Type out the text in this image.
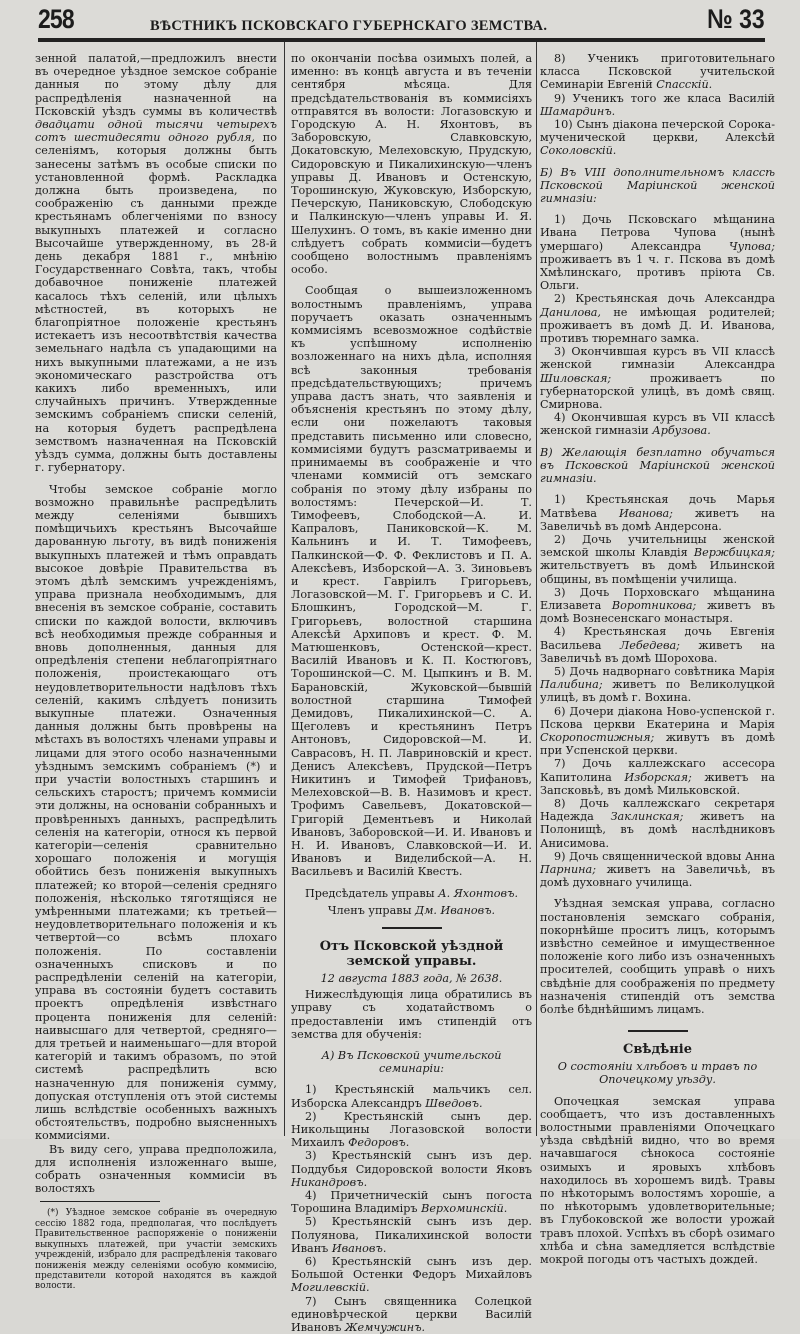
258	ВѢСТНИКЪ ПСКОВСКАГО ГУБЕРНСКАГО ЗЕМСТВА.	№ 33

зенной палатой,—предложилъ внести въ очередное уѣздное земское собраніе данныя по этому дѣлу для распредѣленія назначенной на Псковскій уѣздъ суммы въ количествѣ двадцати одной тысячи четырехъ сотъ шестидесяти одного рубля, по селеніямъ, которыя должны быть занесены затѣмъ въ особые списки по установленной формѣ. Раскладка должна быть произведена, по соображенію съ данными прежде крестьянамъ облегченіями по взносу выкупныхъ платежей и согласно Высочайше утвержденному, въ 28-й день декабря 1881 г., мнѣнію Государственнаго Совѣта, такъ, чтобы добавочное пониженіе платежей касалось тѣхъ селеній, или цѣлыхъ мѣстностей, въ которыхъ не благопріятное положеніе крестьянъ истекаетъ изъ несоотвѣтствія качества земельнаго надѣла съ упадающими на нихъ выкупными платежами, а не изъ экономическаго разстройства отъ какихъ либо временныхъ, или случайныхъ причинъ. Утвержденные земскимъ собраніемъ списки селеній, на которыя будетъ распредѣлена земствомъ назначенная на Псковскій уѣздъ сумма, должны быть доставлены г. губернатору.

Чтобы земское собраніе могло возможно правильнѣе распредѣлить между селеніями бывшихъ помѣщичьихъ крестьянъ Высочайше дарованную льготу, въ видѣ пониженія выкупныхъ платежей и тѣмъ оправдать высокое довѣріе Правительства въ этомъ дѣлѣ земскимъ учрежденіямъ, управа признала необходимымъ, для внесенія въ земское собраніе, составить списки по каждой волости, включивъ всѣ необходимыя прежде собранныя и вновь дополненныя, данныя для опредѣленія степени неблагопріятнаго положенія, проистекающаго отъ неудовлетворительности надѣловъ тѣхъ селеній, какимъ слѣдуетъ понизить выкупные платежи. Означенныя данныя должны быть провѣрены на мѣстахъ въ волостяхъ членами управы и лицами для этого особо назначенными уѣзднымъ земскимъ собраніемъ (*) и при участіи волостныхъ старшинъ и сельскихъ старостъ; причемъ коммисіи эти должны, на основаніи собранныхъ и провѣренныхъ данныхъ, распредѣлить селенія на категоріи, относя къ первой категоріи—селенія сравнительно хорошаго положенія и могущія обойтись безъ пониженія выкупныхъ платежей; ко второй—селенія средняго положенія, нѣсколько тяготящіяся не умѣренными платежами; къ третьей—неудовлетворительнаго положенія и къ четвертой—со всѣмъ плохаго положенія. По составленіи означенныхъ списковъ и по распредѣленіи селеній на категоріи, управа въ состояніи будетъ составить проектъ опредѣленія извѣстнаго процента пониженія для селеній: наивысшаго для четвертой, средняго—для третьей и наименьшаго—для второй категорій и такимъ образомъ, по этой системѣ распредѣлить всю назначенную для пониженія сумму, допуская отступленія отъ этой системы лишь вслѣдствіе особенныхъ важныхъ обстоятельствъ, подробно выясненныхъ коммисіями.

Въ виду сего, управа предположила, для исполненія изложеннаго выше, собрать означенныя коммисіи въ волостяхъ

(*) Уѣздное земское собраніе въ очередную сессію 1882 года, предполагая, что послѣдуетъ Правительственное распоряженіе о пониженіи выкупныхъ платежей, при участіи земскихъ учрежденій, избрало для распредѣленія таковаго пониженія между селеніями особую коммисію, представители которой находятся въ каждой волости.

по окончаніи посѣва озимыхъ полей, а именно: въ концѣ августа и въ теченіи сентября мѣсяца. Для предсѣдательствованія въ коммисіяхъ отправятся въ волости: Логазовскую и Городскую А. Н. Яхонтовъ, въ Заборовскую, Славковскую, Докатовскую, Мелеховскую, Прудскую, Сидоровскую и Пикалихинскую—членъ управы Д. Ивановъ и Остенскую, Торошинскую, Жуковскую, Изборскую, Печерскую, Паниковскую, Слободскую и Палкинскую—членъ управы И. Я. Шелухинъ. О томъ, въ какіе именно дни слѣдуетъ собрать коммисіи—будетъ сообщено волостнымъ правленіямъ особо.

Сообщая о вышеизложенномъ волостнымъ правленіямъ, управа поручаетъ оказать означеннымъ коммисіямъ всевозможное содѣйствіе къ успѣшному исполненію возложеннаго на нихъ дѣла, исполняя всѣ законныя требованія предсѣдательствующихъ; причемъ управа дастъ знать, что заявленія и объясненія крестьянъ по этому дѣлу, если они пожелаютъ таковыя представить письменно или словесно, коммисіями будутъ разсматриваемы и принимаемы въ соображеніе и что членами коммисій отъ земскаго собранія по этому дѣлу избраны по волостямъ: Печерской—И. Т. Тимофеевъ, Слободской—А. И. Капраловъ, Паниковской—К. М. Кальнинъ и И. Т. Тимофеевъ, Палкинской—Ф. Ф. Феклистовъ и П. А. Алексѣевъ, Изборской—А. З. Зиновьевъ и крест. Гавріилъ Григорьевъ, Логазовской—М. Г. Григорьевъ и С. И. Блошкинъ, Городской—М. Г. Григорьевъ, волостной старшина Алексѣй Архиповъ и крест. Ф. М. Матюшенковъ, Остенской—крест. Василій Ивановъ и К. П. Костюговъ, Торошинской—С. М. Цыпкинъ и В. М. Барановскій, Жуковской—бывшій волостной старшина Тимофей Демидовъ, Пикалихинской—С. А. Щеголевъ и крестьянинъ Петръ Антоновъ, Сидоровской—М. И. Саврасовъ, Н. П. Лавриновскій и крест. Денисъ Алексѣевъ, Прудской—Петръ Никитинъ и Тимофей Трифановъ, Мелеховской—В. В. Назимовъ и крест. Трофимъ Савельевъ, Докатовской—Григорій Дементьевъ и Николай Ивановъ, Заборовской—И. И. Ивановъ и Н. И. Ивановъ, Славковской—И. И. Ивановъ и Виделибской—А. Н. Васильевъ и Василій Квестъ.

Предсѣдатель управы А. Яхонтовъ.

Членъ управы Дм. Ивановъ.

Отъ Псковской уѣздной земской управы.

12 августа 1883 года, № 2638.

Нижеслѣдующія лица обратились въ управу съ ходатайствомъ о предоставленіи имъ стипендій отъ земства для обученія:

А) Въ Псковской учительской семинаріи:

1) Крестьянскій мальчикъ сел. Изборска Александръ Шведовъ.

2) Крестьянскій сынъ дер. Никольщины Логазовской волости Михаилъ Федоровъ.

3) Крестьянскій сынъ изъ дер. Поддубья Сидоровской волости Яковъ Никандровъ.

4) Причетническій сынъ погоста Торошина Владиміръ Верхоминскій.

5) Крестьянскій сынъ изъ дер. Полуянова, Пикалихинской волости Иванъ Ивановъ.

6) Крестьянскій сынъ изъ дер. Большой Остенки Федоръ Михайловъ Могилевскій.

7) Сынъ священника Солецкой единовѣрческой церкви Василій Ивановъ Жемчужинъ.

8) Ученикъ приготовительнаго класса Псковской учительской Семинаріи Евгеній Спасскій.

9) Ученикъ того же класа Василій Шамардинъ.

10) Сынъ діакона печерской Сорока-мученической церкви, Алексѣй Соколовскій.

Б) Въ VIII дополнительномъ классѣ Псковской Маріинской женской гимназіи:

1) Дочь Псковскаго мѣщанина Ивана Петрова Чупова (нынѣ умершаго) Александра Чупова; проживаетъ въ 1 ч. г. Пскова въ домѣ Хмѣлинскаго, противъ пріюта Св. Ольги.

2) Крестьянская дочь Александра Данилова, не имѣющая родителей; проживаетъ въ домѣ Д. И. Иванова, противъ тюремнаго замка.

3) Окончившая курсъ въ VII классѣ женской гимназіи Александра Шиловская; проживаетъ по губернаторской улицѣ, въ домѣ свящ. Смирнова.

4) Окончившая курсъ въ VII классѣ женской гимназіи Арбузова.

В) Желающія безплатно обучаться въ Псковской Маріинской женской гимназіи.

1) Крестьянская дочь Марья Матвѣева Иванова; живетъ на Завеличьѣ въ домѣ Андерсона.

2) Дочь учительницы женской земской школы Клавдія Вержбицкая; жительствуетъ въ домѣ Ильинской общины, въ помѣщеніи училища.

3) Дочь Порховскаго мѣщанина Елизавета Воротникова; живетъ въ домѣ Вознесенскаго монастыря.

4) Крестьянская дочь Евгенія Васильева Лебедева; живетъ на Завеличьѣ въ домѣ Шорохова.

5) Дочь надворнаго совѣтника Марія Палибина; живетъ по Великолуцкой улицѣ, въ домѣ г. Вохина.

6) Дочери діакона Ново-успенской г. Пскова церкви Екатерина и Марія Скоропостижныя; живутъ въ домѣ при Успенской церкви.

7) Дочь каллежскаго ассесора Капитолина Изборская; живетъ на Запсковьѣ, въ домѣ Мильковской.

8) Дочь каллежскаго секретаря Надежда Заклинская; живетъ на Полонищѣ, въ домѣ наслѣдниковъ Анисимова.

9) Дочь священнической вдовы Анна Парнина; живетъ на Завеличьѣ, въ домѣ духовнаго училища.

Уѣздная земская управа, согласно постановленія земскаго собранія, покорнѣйше проситъ лицъ, которымъ извѣстно семейное и имущественное положеніе кого либо изъ означенныхъ просителей, сообщить управѣ о нихъ свѣдѣніе для соображенія по предмету назначенія стипендій отъ земства болѣе бѣднѣйшимъ лицамъ.

Свѣдѣніе

О состояніи хлѣбовъ и травъ по Опочецкому уѣзду.

Опочецкая земская управа сообщаетъ, что изъ доставленныхъ волостными правленіями Опочецкаго уѣзда свѣдѣній видно, что во время начавшагося сѣнокоса состояніе озимыхъ и яровыхъ хлѣбовъ находилось въ хорошемъ видѣ. Травы по нѣкоторымъ волостямъ хорошіе, а по нѣкоторымъ удовлетворительные; въ Глубоковской же волости урожай травъ плохой. Успѣхъ въ сборѣ озимаго хлѣба и сѣна замедляется вслѣдствіе мокрой погоды отъ частыхъ дождей.
